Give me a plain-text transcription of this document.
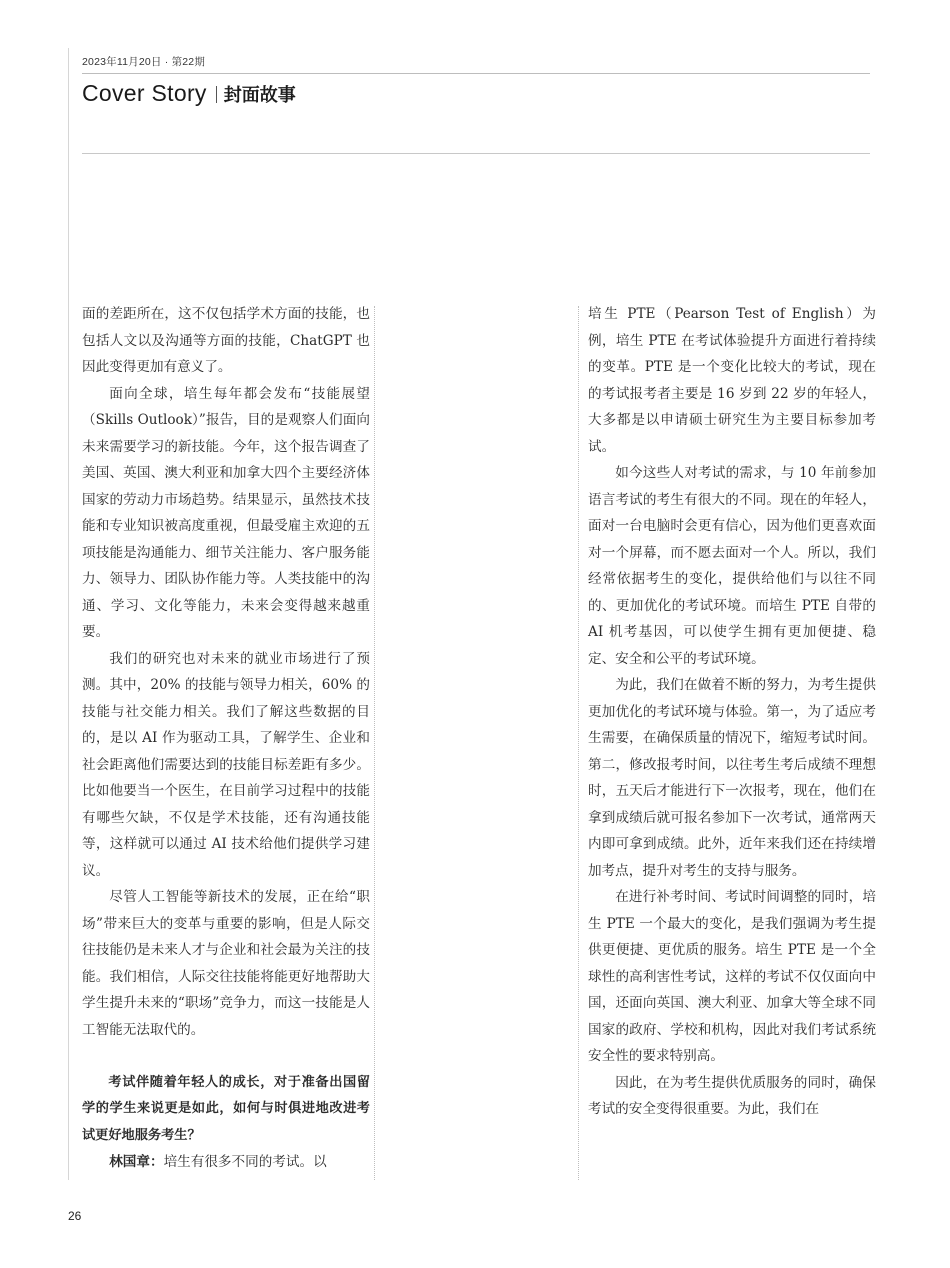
2023年11月20日 · 第22期
Cover Story 封面故事

面的差距所在，这不仅包括学术方面的技能，也包括人文以及沟通等方面的技能，ChatGPT 也因此变得更加有意义了。

面向全球，培生每年都会发布“技能展望（Skills Outlook）”报告，目的是观察人们面向未来需要学习的新技能。今年，这个报告调查了美国、英国、澳大利亚和加拿大四个主要经济体国家的劳动力市场趋势。结果显示，虽然技术技能和专业知识被高度重视，但最受雇主欢迎的五项技能是沟通能力、细节关注能力、客户服务能力、领导力、团队协作能力等。人类技能中的沟通、学习、文化等能力，未来会变得越来越重要。

我们的研究也对未来的就业市场进行了预测。其中，20% 的技能与领导力相关，60% 的技能与社交能力相关。我们了解这些数据的目的，是以 AI 作为驱动工具，了解学生、企业和社会距离他们需要达到的技能目标差距有多少。比如他要当一个医生，在目前学习过程中的技能有哪些欠缺，不仅是学术技能，还有沟通技能等，这样就可以通过 AI 技术给他们提供学习建议。

尽管人工智能等新技术的发展，正在给“职场”带来巨大的变革与重要的影响，但是人际交往技能仍是未来人才与企业和社会最为关注的技能。我们相信，人际交往技能将能更好地帮助大学生提升未来的“职场”竞争力，而这一技能是人工智能无法取代的。

考试伴随着年轻人的成长，对于准备出国留学的学生来说更是如此，如何与时俱进地改进考试更好地服务考生？

林国章：培生有很多不同的考试。以

培生 PTE（Pearson Test of English）为例，培生 PTE 在考试体验提升方面进行着持续的变革。PTE 是一个变化比较大的考试，现在的考试报考者主要是 16 岁到 22 岁的年轻人，大多都是以申请硕士研究生为主要目标参加考试。

如今这些人对考试的需求，与 10 年前参加语言考试的考生有很大的不同。现在的年轻人，面对一台电脑时会更有信心，因为他们更喜欢面对一个屏幕，而不愿去面对一个人。所以，我们经常依据考生的变化，提供给他们与以往不同的、更加优化的考试环境。而培生 PTE 自带的 AI 机考基因，可以使学生拥有更加便捷、稳定、安全和公平的考试环境。

为此，我们在做着不断的努力，为考生提供更加优化的考试环境与体验。第一，为了适应考生需要，在确保质量的情况下，缩短考试时间。第二，修改报考时间，以往考生考后成绩不理想时，五天后才能进行下一次报考，现在，他们在拿到成绩后就可报名参加下一次考试，通常两天内即可拿到成绩。此外，近年来我们还在持续增加考点，提升对考生的支持与服务。

在进行补考时间、考试时间调整的同时，培生 PTE 一个最大的变化，是我们强调为考生提供更便捷、更优质的服务。培生 PTE 是一个全球性的高利害性考试，这样的考试不仅仅面向中国，还面向英国、澳大利亚、加拿大等全球不同国家的政府、学校和机构，因此对我们考试系统安全性的要求特别高。

因此，在为考生提供优质服务的同时，确保考试的安全变得很重要。为此，我们在

26
